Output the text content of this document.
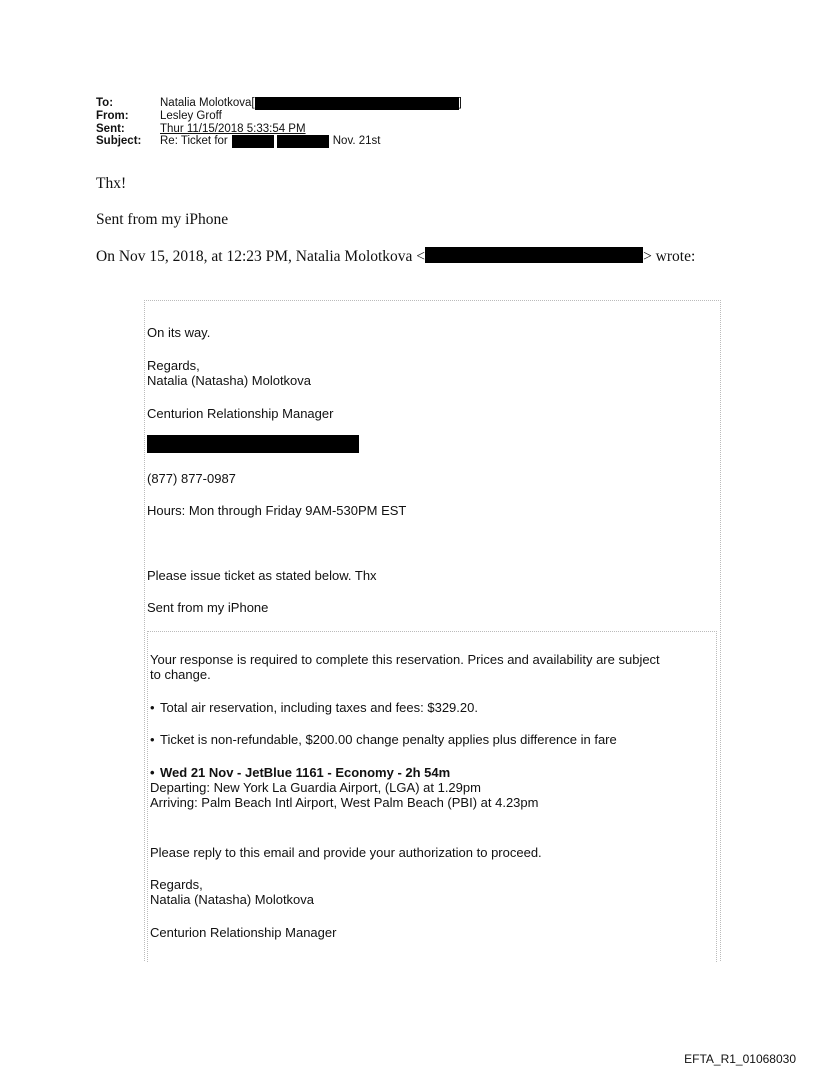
To:	Natalia Molotkova[	]
From:	Lesley Groff
Sent:	Thur 11/15/2018 5:33:54 PM
Subject:	Re: Ticket for	Nov. 21st
Thx!
Sent from my iPhone
On Nov 15, 2018, at 12:23 PM, Natalia Molotkova <	> wrote:
On its way.
Regards,
Natalia (Natasha) Molotkova
Centurion Relationship Manager
(877) 877-0987
Hours: Mon through Friday 9AM-530PM EST
Please issue ticket as stated below. Thx
Sent from my iPhone
Your response is required to complete this reservation. Prices and availability are subject
to change.
• Total air reservation, including taxes and fees: $329.20.
• Ticket is non-refundable, $200.00 change penalty applies plus difference in fare
• Wed 21 Nov - JetBlue 1161 - Economy - 2h 54m
Departing: New York La Guardia Airport, (LGA) at 1.29pm
Arriving: Palm Beach Intl Airport, West Palm Beach (PBI) at 4.23pm
Please reply to this email and provide your authorization to proceed.
Regards,
Natalia (Natasha) Molotkova
Centurion Relationship Manager
EFTA_R1_01068030
